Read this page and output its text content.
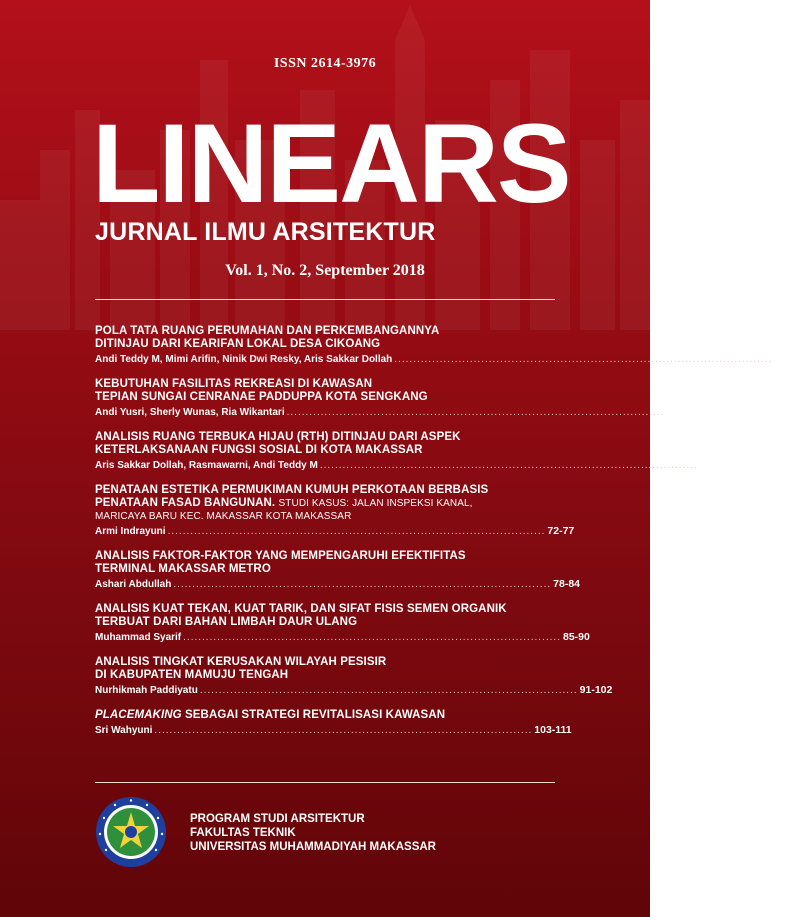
ISSN 2614-3976
LINEARS
JURNAL ILMU ARSITEKTUR
Vol. 1, No. 2, September 2018
POLA TATA RUANG PERUMAHAN DAN PERKEMBANGANNYA
DITINJAU DARI KEARIFAN LOKAL DESA CIKOANG
Andi Teddy M, Mimi Arifin, Ninik Dwi Resky, Aris Sakkar Dollah .................................................................................................... 47-55
KEBUTUHAN FASILITAS REKREASI DI KAWASAN
TEPIAN SUNGAI CENRANAE PADDUPPA KOTA SENGKANG
Andi Yusri, Sherly Wunas, Ria Wikantari .................................................................................................... 56-61
ANALISIS RUANG TERBUKA HIJAU (RTH) DITINJAU DARI ASPEK
KETERLAKSANAAN FUNGSI SOSIAL DI KOTA MAKASSAR
Aris Sakkar Dollah, Rasmawarni, Andi Teddy M .................................................................................................... 62-71
PENATAAN ESTETIKA PERMUKIMAN KUMUH PERKOTAAN BERBASIS
PENATAAN FASAD BANGUNAN. STUDI KASUS: JALAN INSPEKSI KANAL,
MARICAYA BARU KEC. MAKASSAR KOTA MAKASSAR
Armi Indrayuni .................................................................................................... 72-77
ANALISIS FAKTOR-FAKTOR YANG MEMPENGARUHI EFEKTIFITAS
TERMINAL MAKASSAR METRO
Ashari Abdullah .................................................................................................... 78-84
ANALISIS KUAT TEKAN, KUAT TARIK, DAN SIFAT FISIS SEMEN ORGANIK
TERBUAT DARI BAHAN LIMBAH DAUR ULANG
Muhammad Syarif .................................................................................................... 85-90
ANALISIS TINGKAT KERUSAKAN WILAYAH PESISIR
DI KABUPATEN MAMUJU TENGAH
Nurhikmah Paddiyatu .................................................................................................... 91-102
PLACEMAKING SEBAGAI STRATEGI REVITALISASI KAWASAN
Sri Wahyuni .................................................................................................... 103-111
PROGRAM STUDI ARSITEKTUR
FAKULTAS TEKNIK
UNIVERSITAS MUHAMMADIYAH MAKASSAR
